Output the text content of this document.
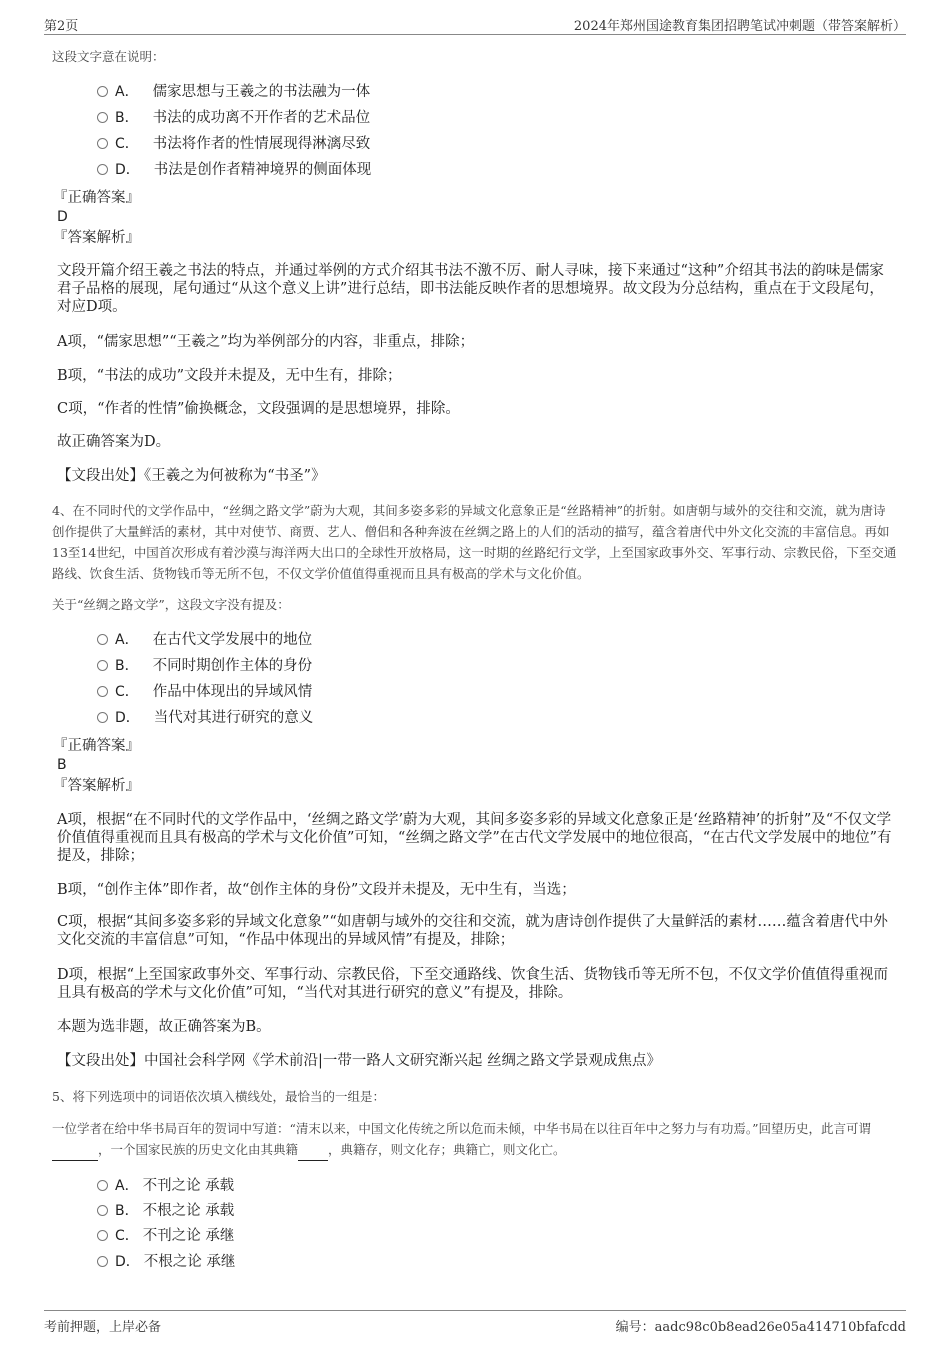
第2页	2024年郑州国途教育集团招聘笔试冲刺题（带答案解析）
这段文字意在说明：
A． 儒家思想与王羲之的书法融为一体
B． 书法的成功离不开作者的艺术品位
C． 书法将作者的性情展现得淋漓尽致
D． 书法是创作者精神境界的侧面体现
『正确答案』
D
『答案解析』
文段开篇介绍王羲之书法的特点，并通过举例的方式介绍其书法不激不厉、耐人寻味，接下来通过“这种”介绍其书法的韵味是儒家君子品格的展现，尾句通过“从这个意义上讲”进行总结，即书法能反映作者的思想境界。故文段为分总结构，重点在于文段尾句，对应D项。
A项，“儒家思想”“王羲之”均为举例部分的内容，非重点，排除；
B项，“书法的成功”文段并未提及，无中生有，排除；
C项，“作者的性情”偷换概念，文段强调的是思想境界，排除。
故正确答案为D。
【文段出处】《王羲之为何被称为“书圣”》
4、在不同时代的文学作品中，“丝绸之路文学”蔚为大观，其间多姿多彩的异域文化意象正是“丝路精神”的折射。如唐朝与域外的交往和交流，就为唐诗创作提供了大量鲜活的素材，其中对使节、商贾、艺人、僧侣和各种奔波在丝绸之路上的人们的活动的描写，蕴含着唐代中外文化交流的丰富信息。再如13至14世纪，中国首次形成有着沙漠与海洋两大出口的全球性开放格局，这一时期的丝路纪行文学，上至国家政事外交、军事行动、宗教民俗，下至交通路线、饮食生活、货物钱币等无所不包，不仅文学价值值得重视而且具有极高的学术与文化价值。
关于“丝绸之路文学”，这段文字没有提及：
A． 在古代文学发展中的地位
B． 不同时期创作主体的身份
C． 作品中体现出的异域风情
D． 当代对其进行研究的意义
『正确答案』
B
『答案解析』
A项，根据“在不同时代的文学作品中，‘丝绸之路文学’蔚为大观，其间多姿多彩的异域文化意象正是‘丝路精神’的折射”及“不仅文学价值值得重视而且具有极高的学术与文化价值”可知，“丝绸之路文学”在古代文学发展中的地位很高，“在古代文学发展中的地位”有提及，排除；
B项，“创作主体”即作者，故“创作主体的身份”文段并未提及，无中生有，当选；
C项，根据“其间多姿多彩的异域文化意象”“如唐朝与域外的交往和交流，就为唐诗创作提供了大量鲜活的素材……蕴含着唐代中外文化交流的丰富信息”可知，“作品中体现出的异域风情”有提及，排除；
D项，根据“上至国家政事外交、军事行动、宗教民俗，下至交通路线、饮食生活、货物钱币等无所不包，不仅文学价值值得重视而且具有极高的学术与文化价值”可知，“当代对其进行研究的意义”有提及，排除。
本题为选非题，故正确答案为B。
【文段出处】中国社会科学网《学术前沿|一带一路人文研究渐兴起 丝绸之路文学景观成焦点》
5、将下列选项中的词语依次填入横线处，最恰当的一组是：
一位学者在给中华书局百年的贺词中写道：“清末以来，中国文化传统之所以危而未倾，中华书局在以往百年中之努力与有功焉。”回望历史，此言可谓，一个国家民族的历史文化由其典籍 ，典籍存，则文化存；典籍亡，则文化亡。
A． 不刊之论 承载
B． 不根之论 承载
C． 不刊之论 承继
D． 不根之论 承继
考前押题，上岸必备	编号：aadc98c0b8ead26e05a414710bfafcdd
